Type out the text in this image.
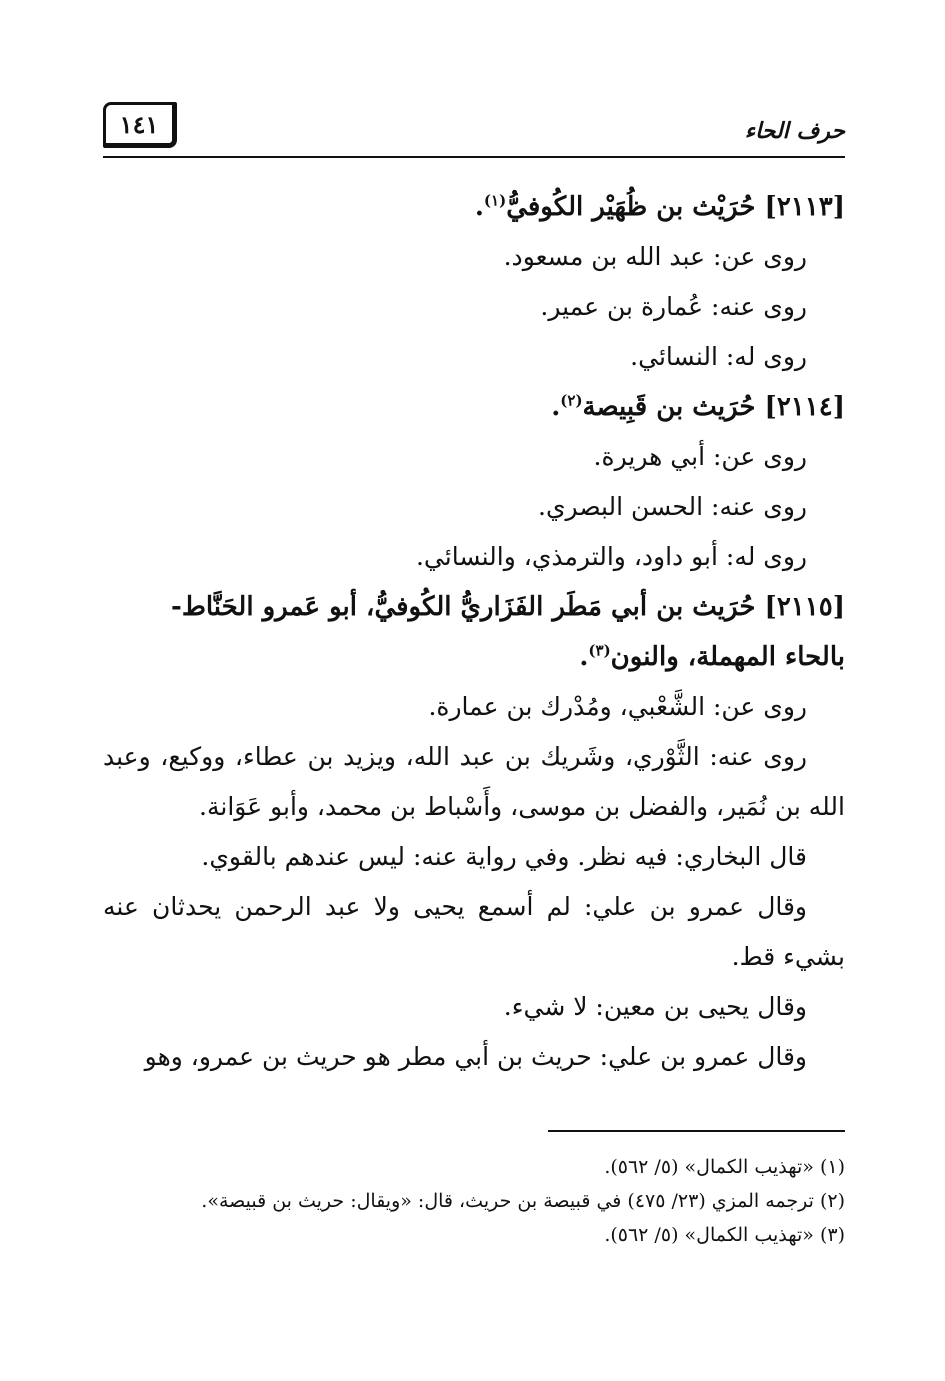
حرف الحاء
١٤١

[٢١١٣] حُرَيْث بن ظُهَيْر الكُوفيُّ$^{(١)}$.

روى عن: عبد الله بن مسعود.

روى عنه: عُمارة بن عمير.

روى له: النسائي.

[٢١١٤] حُرَيث بن قَبِيصة$^{(٢)}$.

روى عن: أبي هريرة.

روى عنه: الحسن البصري.

روى له: أبو داود، والترمذي، والنسائي.

[٢١١٥] حُرَيث بن أبي مَطَر الفَزَاريُّ الكُوفيُّ، أبو عَمرو الحَنَّاط- بالحاء المهملة، والنون$^{(٣)}$.

روى عن: الشَّعْبي، ومُدْرك بن عمارة.

روى عنه: الثَّوْري، وشَريك بن عبد الله، ويزيد بن عطاء، ووكيع، وعبد الله بن نُمَير، والفضل بن موسى، وأَسْباط بن محمد، وأبو عَوَانة.

قال البخاري: فيه نظر. وفي رواية عنه: ليس عندهم بالقوي.

وقال عمرو بن علي: لم أسمع يحيى ولا عبد الرحمن يحدثان عنه بشيء قط.

وقال يحيى بن معين: لا شيء.

وقال عمرو بن علي: حريث بن أبي مطر هو حريث بن عمرو، وهو

(١) «تهذيب الكمال» (٥/ ٥٦٢).

(٢) ترجمه المزي (٢٣/ ٤٧٥) في قبيصة بن حريث، قال: «ويقال: حريث بن قبيصة».

(٣) «تهذيب الكمال» (٥/ ٥٦٢).
